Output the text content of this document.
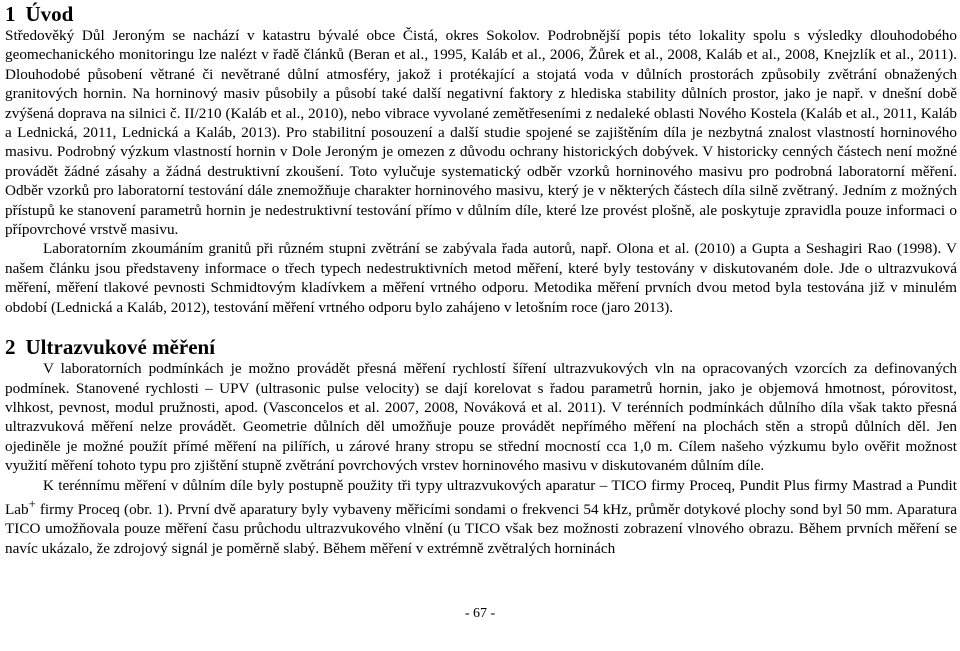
1 Úvod

Středověký Důl Jeroným se nachází v katastru bývalé obce Čistá, okres Sokolov. Podrobnější popis této lokality spolu s výsledky dlouhodobého geomechanického monitoringu lze nalézt v řadě článků (Beran et al., 1995, Kaláb et al., 2006, Žůrek et al., 2008, Kaláb et al., 2008, Knejzlík et al., 2011). Dlouhodobé působení větrané či nevětrané důlní atmosféry, jakož i protékající a stojatá voda v důlních prostorách způsobily zvětrání obnažených granitových hornin. Na horninový masiv působily a působí také další negativní faktory z hlediska stability důlních prostor, jako je např. v dnešní době zvýšená doprava na silnici č. II/210 (Kaláb et al., 2010), nebo vibrace vyvolané zemětřeseními z nedaleké oblasti Nového Kostela (Kaláb et al., 2011, Kaláb a Lednická, 2011, Lednická a Kaláb, 2013). Pro stabilitní posouzení a další studie spojené se zajištěním díla je nezbytná znalost vlastností horninového masivu. Podrobný výzkum vlastností hornin v Dole Jeroným je omezen z důvodu ochrany historických dobývek. V historicky cenných částech není možné provádět žádné zásahy a žádná destruktivní zkoušení. Toto vylučuje systematický odběr vzorků horninového masivu pro podrobná laboratorní měření. Odběr vzorků pro laboratorní testování dále znemožňuje charakter horninového masivu, který je v některých částech díla silně zvětraný. Jedním z možných přístupů ke stanovení parametrů hornin je nedestruktivní testování přímo v důlním díle, které lze provést plošně, ale poskytuje zpravidla pouze informaci o přípovrchové vrstvě masivu.

Laboratorním zkoumáním granitů při různém stupni zvětrání se zabývala řada autorů, např. Olona et al. (2010) a Gupta a Seshagiri Rao (1998). V našem článku jsou představeny informace o třech typech nedestruktivních metod měření, které byly testovány v diskutovaném dole. Jde o ultrazvuková měření, měření tlakové pevnosti Schmidtovým kladívkem a měření vrtného odporu. Metodika měření prvních dvou metod byla testována již v minulém období (Lednická a Kaláb, 2012), testování měření vrtného odporu bylo zahájeno v letošním roce (jaro 2013).

2 Ultrazvukové měření

V laboratorních podmínkách je možno provádět přesná měření rychlostí šíření ultrazvukových vln na opracovaných vzorcích za definovaných podmínek. Stanovené rychlosti – UPV (ultrasonic pulse velocity) se dají korelovat s řadou parametrů hornin, jako je objemová hmotnost, pórovitost, vlhkost, pevnost, modul pružnosti, apod. (Vasconcelos et al. 2007, 2008, Nováková et al. 2011). V terénních podmínkách důlního díla však takto přesná ultrazvuková měření nelze provádět. Geometrie důlních děl umožňuje pouze provádět nepřímého měření na plochách stěn a stropů důlních děl. Jen ojediněle je možné použít přímé měření na pilířích, u zárové hrany stropu se střední mocností cca 1,0 m. Cílem našeho výzkumu bylo ověřit možnost využití měření tohoto typu pro zjištění stupně zvětrání povrchových vrstev horninového masivu v diskutovaném důlním díle.

K terénnímu měření v důlním díle byly postupně použity tři typy ultrazvukových aparatur – TICO firmy Proceq, Pundit Plus firmy Mastrad a Pundit Lab+ firmy Proceq (obr. 1). První dvě aparatury byly vybaveny měřicími sondami o frekvenci 54 kHz, průměr dotykové plochy sond byl 50 mm. Aparatura TICO umožňovala pouze měření času průchodu ultrazvukového vlnění (u TICO však bez možnosti zobrazení vlnového obrazu. Během prvních měření se navíc ukázalo, že zdrojový signál je poměrně slabý. Během měření v extrémně zvětralých horninách

- 67 -
